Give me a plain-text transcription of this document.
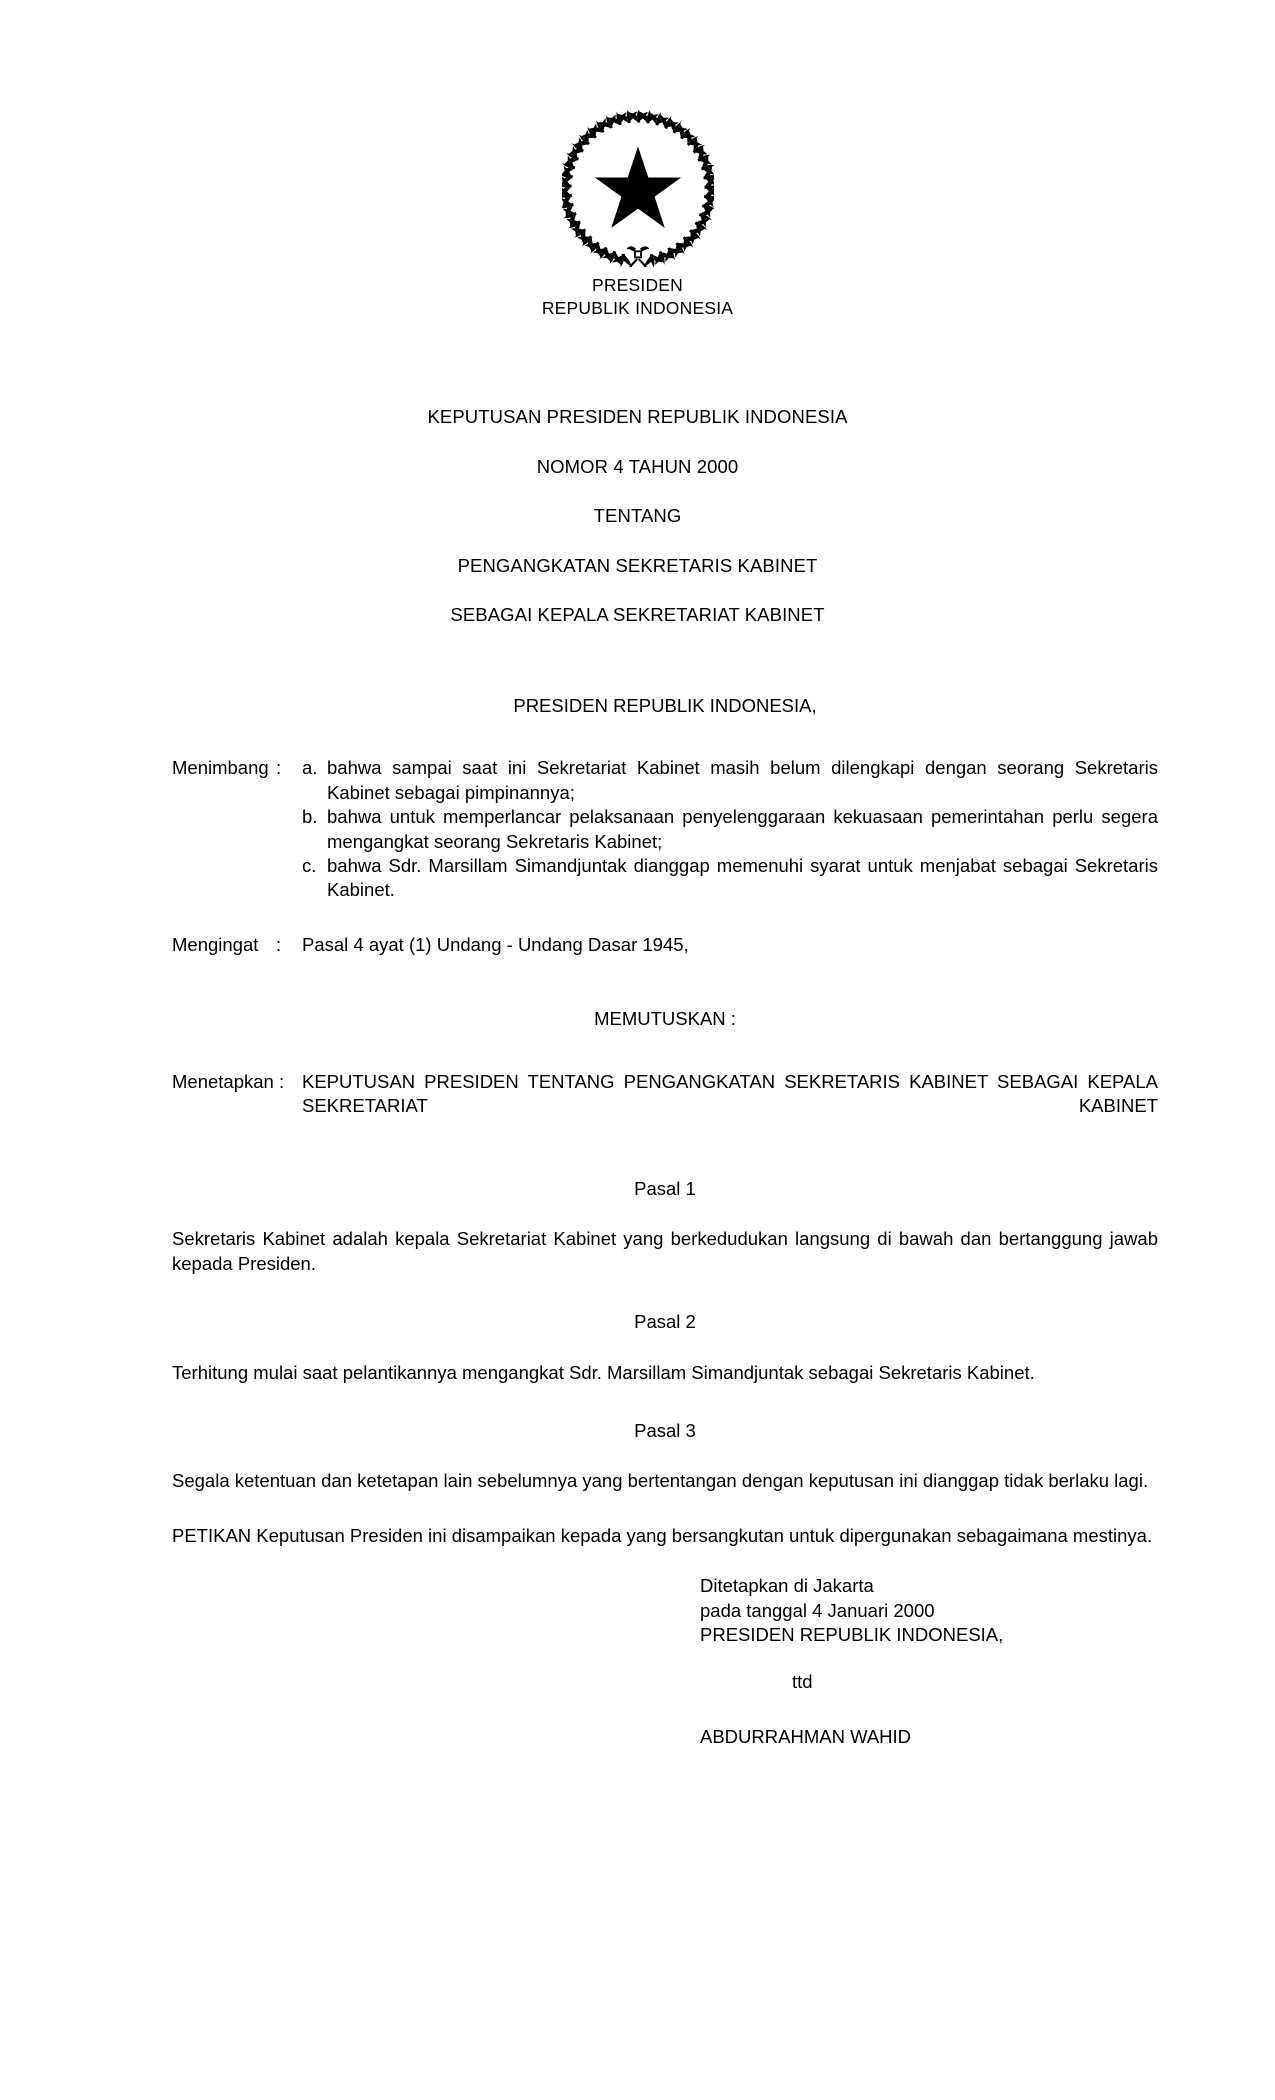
PRESIDEN
REPUBLIK INDONESIA
KEPUTUSAN PRESIDEN REPUBLIK INDONESIA
NOMOR 4 TAHUN 2000
TENTANG
PENGANGKATAN SEKRETARIS KABINET
SEBAGAI KEPALA SEKRETARIAT KABINET
PRESIDEN REPUBLIK INDONESIA,
Menimbang :	a. bahwa sampai saat ini Sekretariat Kabinet masih belum dilengkapi dengan seorang Sekretaris Kabinet sebagai pimpinannya;
b. bahwa untuk memperlancar pelaksanaan penyelenggaraan kekuasaan pemerintahan perlu segera mengangkat seorang Sekretaris Kabinet;
c. bahwa Sdr. Marsillam Simandjuntak dianggap memenuhi syarat untuk menjabat sebagai Sekretaris Kabinet.
Mengingat :	Pasal 4 ayat (1) Undang - Undang Dasar 1945,
MEMUTUSKAN :
Menetapkan : KEPUTUSAN PRESIDEN TENTANG PENGANGKATAN SEKRETARIS KABINET SEBAGAI KEPALA SEKRETARIAT KABINET
Pasal 1
Sekretaris Kabinet adalah kepala Sekretariat Kabinet yang berkedudukan langsung di bawah dan bertanggung jawab kepada Presiden.
Pasal 2
Terhitung mulai saat pelantikannya mengangkat Sdr. Marsillam Simandjuntak sebagai Sekretaris Kabinet.
Pasal 3
Segala ketentuan dan ketetapan lain sebelumnya yang bertentangan dengan keputusan ini dianggap tidak berlaku lagi.
PETIKAN Keputusan Presiden ini disampaikan kepada yang bersangkutan untuk dipergunakan sebagaimana mestinya.
Ditetapkan di Jakarta
pada tanggal 4 Januari 2000
PRESIDEN REPUBLIK INDONESIA,
ttd
ABDURRAHMAN WAHID
